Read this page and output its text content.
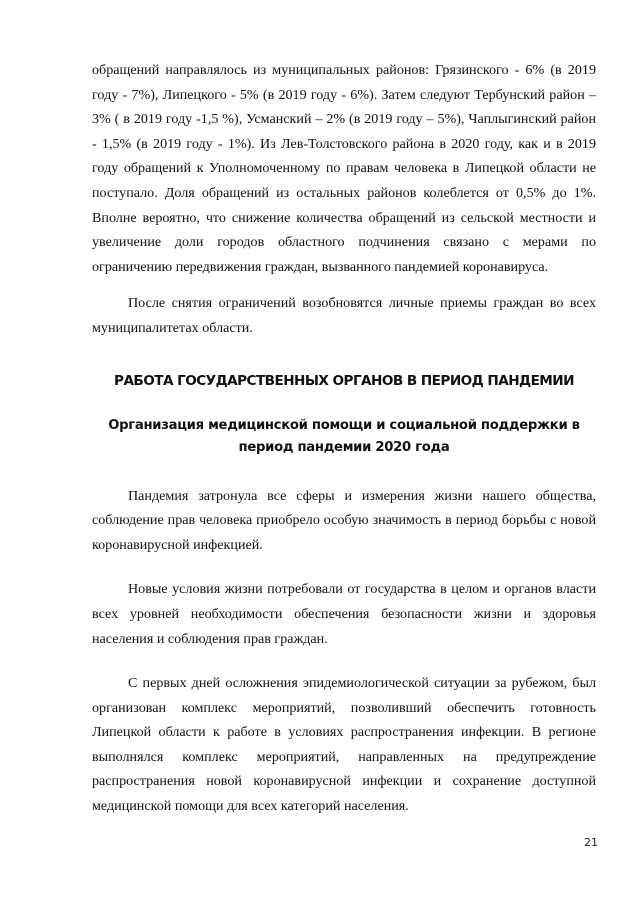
обращений направлялось из муниципальных районов: Грязинского - 6% (в 2019 году - 7%), Липецкого - 5% (в 2019 году - 6%). Затем следуют Тербунский район – 3% ( в 2019 году -1,5 %), Усманский – 2% (в 2019 году – 5%), Чаплыгинский район - 1,5% (в 2019 году - 1%). Из Лев-Толстовского района в 2020 году, как и в 2019 году обращений к Уполномоченному по правам человека в Липецкой области не поступало. Доля обращений из остальных районов колеблется от 0,5% до 1%. Вполне вероятно, что снижение количества обращений из сельской местности и увеличение доли городов областного подчинения связано с мерами по ограничению передвижения граждан, вызванного пандемией коронавируса.

После снятия ограничений возобновятся личные приемы граждан во всех муниципалитетах области.

РАБОТА ГОСУДАРСТВЕННЫХ ОРГАНОВ В ПЕРИОД ПАНДЕМИИ
Организация медицинской помощи и социальной поддержки в период пандемии 2020 года

Пандемия затронула все сферы и измерения жизни нашего общества, соблюдение прав человека приобрело особую значимость в период борьбы с новой коронавирусной инфекцией.

Новые условия жизни потребовали от государства в целом и органов власти всех уровней необходимости обеспечения безопасности жизни и здоровья населения и соблюдения прав граждан.

С первых дней осложнения эпидемиологической ситуации за рубежом, был организован комплекс мероприятий, позволивший обеспечить готовность Липецкой области к работе в условиях распространения инфекции. В регионе выполнялся комплекс мероприятий, направленных на предупреждение распространения новой коронавирусной инфекции и сохранение доступной медицинской помощи для всех категорий населения.

21
